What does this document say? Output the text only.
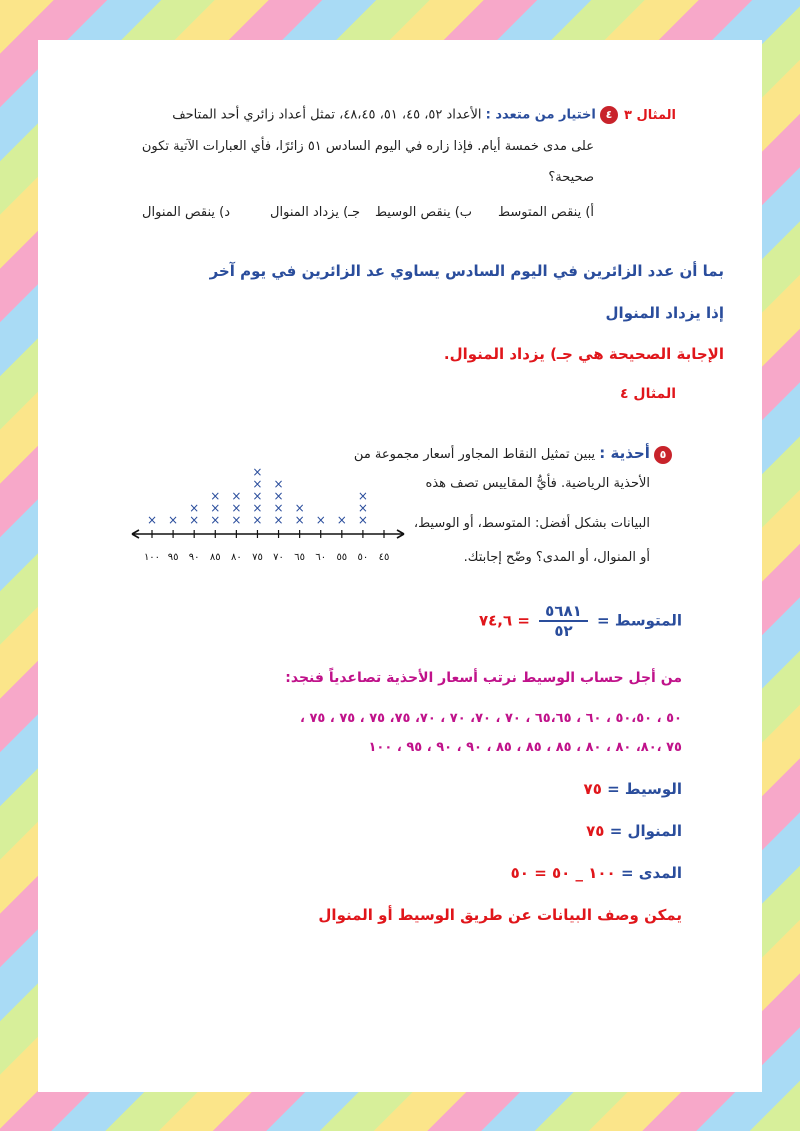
المثال ٣
٤ اختيار من متعدد : الأعداد ٥٢، ٤٥، ٥١، ٤٨،٤٥، تمثل أعداد زائري أحد المتاحف
على مدى خمسة أيام. فإذا زاره في اليوم السادس ٥١ زائرًا، فأي العبارات الآتية تكون
صحيحة؟
أ) ينقص المتوسط
ب) ينقص الوسيط
جـ) يزداد المنوال
د) ينقص المنوال
بما أن عدد الزائرين في اليوم السادس يساوي عد الزائرين في يوم آخر
إذا يزداد المنوال
الإجابة الصحيحة هي جـ) يزداد المنوال.
المثال ٤
٥ أحذية : يبين تمثيل النقاط المجاور أسعار مجموعة من
الأحذية الرياضية. فأيُّ المقاييس تصف هذه
البيانات بشكل أفضل: المتوسط، أو الوسيط،
أو المنوال، أو المدى؟ وضّح إجابتك.
٤٥
٥٠
×
×
×
٥٥
×
٦٠
×
٦٥
×
×
٧٠
×
×
×
×
٧٥
×
×
×
×
×
٨٠
×
×
×
٨٥
×
×
×
٩٠
×
×
٩٥
×
١٠٠
×
المتوسط =
$\frac{٥٦٨١}{٥٢}$
= ٧٤,٦
من أجل حساب الوسيط نرتب أسعار الأحذية تصاعدياً فنجد:
٥٠ ، ٥٠،٥٠ ، ٦٠ ، ٦٥،٦٥ ، ٧٠ ، ٧٠، ٧٠ ، ٧٠، ٧٥، ٧٥ ، ٧٥ ، ٧٥ ،
٧٥ ،٨٠، ٨٠ ، ٨٠ ، ٨٥ ، ٨٥ ، ٨٥ ، ٩٠ ، ٩٠ ، ٩٥ ، ١٠٠
الوسيط = ٧٥
المنوال = ٧٥
المدى = ١٠٠ _ ٥٠ = ٥٠
يمكن وصف البيانات عن طريق الوسيط أو المنوال
